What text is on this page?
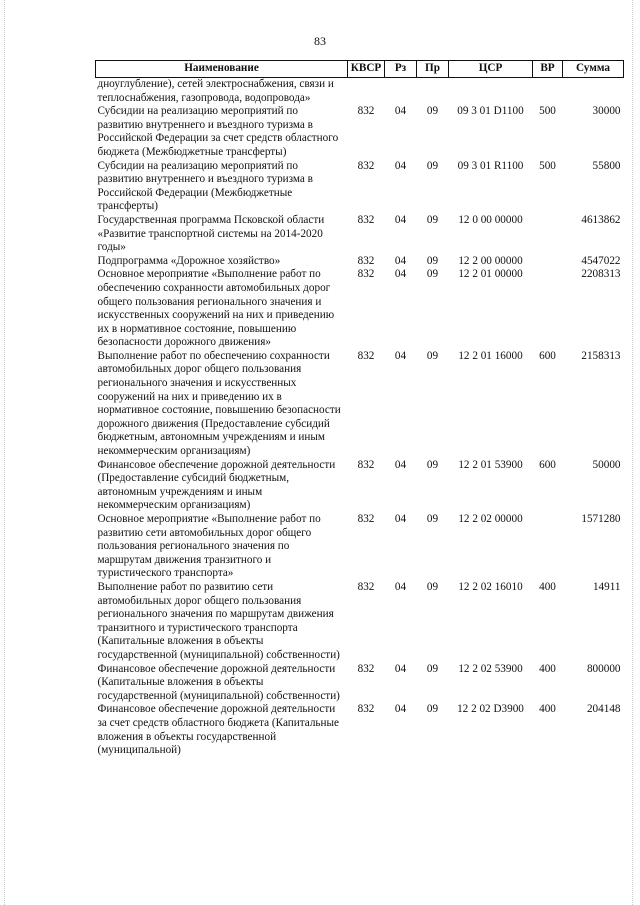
83
Наименование	КВСР	Рз	Пр	ЦСР	ВР	Сумма
дноуглубление), сетей электроснабжения, связи и теплоснабжения, газопровода, водопровода»						
Субсидии на реализацию мероприятий по развитию внутреннего и въездного туризма в Российской Федерации за счет средств областного бюджета (Межбюджетные трансферты)	832	04	09	09 3 01 D1100	500	30000
Субсидии на реализацию мероприятий по развитию внутреннего и въездного туризма в Российской Федерации (Межбюджетные трансферты)	832	04	09	09 3 01 R1100	500	55800
Государственная программа Псковской области «Развитие транспортной системы на 2014-2020 годы»	832	04	09	12 0 00 00000		4613862
Подпрограмма «Дорожное хозяйство»	832	04	09	12 2 00 00000		4547022
Основное мероприятие «Выполнение работ по обеспечению сохранности автомобильных дорог общего пользования регионального значения и искусственных сооружений на них и приведению их в нормативное состояние, повышению безопасности дорожного движения»	832	04	09	12 2 01 00000		2208313
Выполнение работ по обеспечению сохранности автомобильных дорог общего пользования регионального значения и искусственных сооружений на них и приведению их в нормативное состояние, повышению безопасности дорожного движения (Предоставление субсидий бюджетным, автономным учреждениям и иным некоммерческим организациям)	832	04	09	12 2 01 16000	600	2158313
Финансовое обеспечение дорожной деятельности (Предоставление субсидий бюджетным, автономным учреждениям и иным некоммерческим организациям)	832	04	09	12 2 01 53900	600	50000
Основное мероприятие «Выполнение работ по развитию сети автомобильных дорог общего пользования регионального значения по маршрутам движения транзитного и туристического транспорта»	832	04	09	12 2 02 00000		1571280
Выполнение работ по развитию сети автомобильных дорог общего пользования регионального значения по маршрутам движения транзитного и туристического транспорта (Капитальные вложения в объекты государственной (муниципальной) собственности)	832	04	09	12 2 02 16010	400	14911
Финансовое обеспечение дорожной деятельности (Капитальные вложения в объекты государственной (муниципальной) собственности)	832	04	09	12 2 02 53900	400	800000
Финансовое обеспечение дорожной деятельности за счет средств областного бюджета (Капитальные вложения в объекты государственной (муниципальной)	832	04	09	12 2 02 D3900	400	204148
